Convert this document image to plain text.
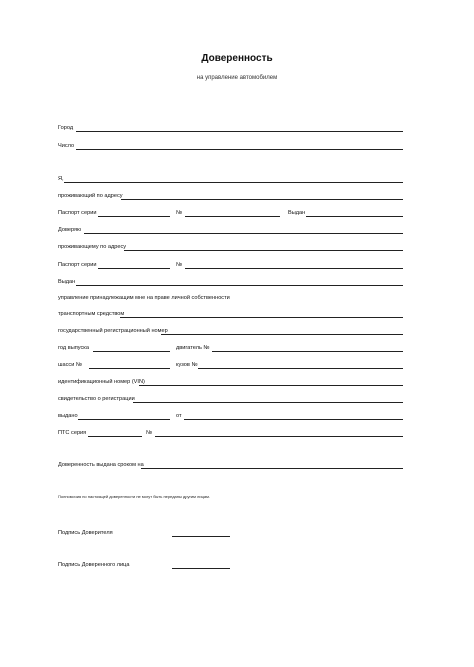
Доверенность
на управление автомобилем
Город
Число
Я,
проживающий по адресу
Паспорт серии	№	Выдан
Доверяю
проживающему по адресу
Паспорт серии	№
Выдан
управление принадлежащим мне на праве личной собственности
транспортным средством
государственный регистрационный номер
год выпуска	двигатель №
шасси №	кузов №
идентификационный номер (VIN)
свидетельство о регистрации
выдано	от
ПТС серия	№
Доверенность выдана сроком на
Полномочия по настоящей доверенности не могут быть переданы другим лицам.
Подпись Доверителя
Подпись Доверенного лица
